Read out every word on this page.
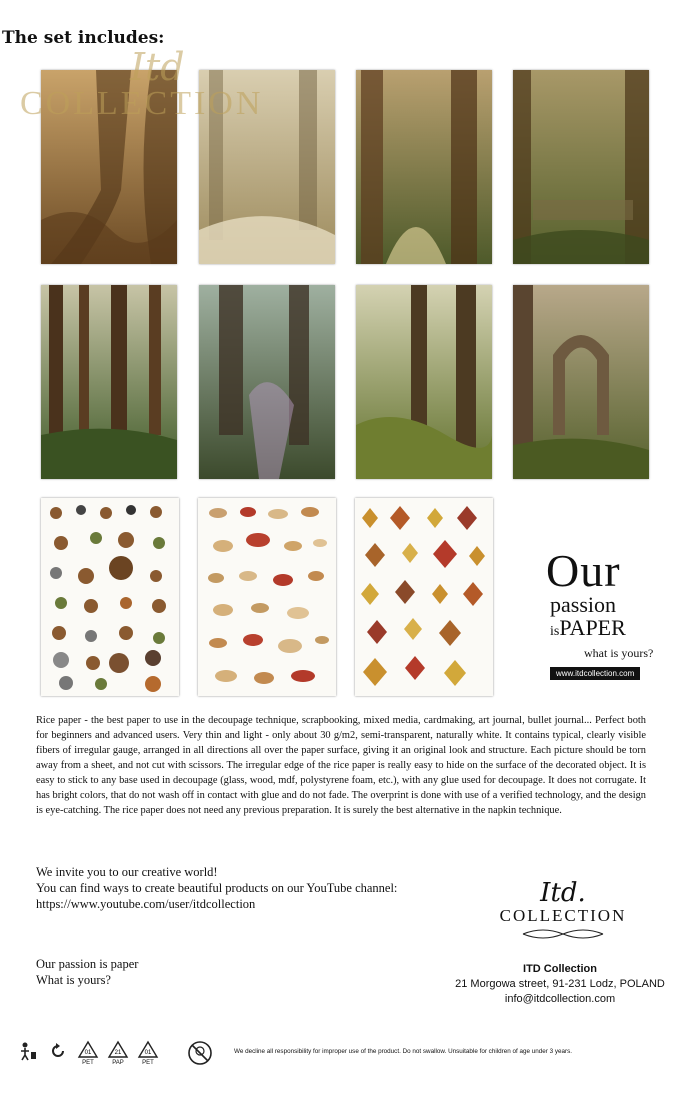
The set includes:
Itd
COLLECTION
Our
passion
isPAPER
what is yours?
www.itdcollection.com
Rice paper - the best paper to use in the decoupage technique, scrapbooking, mixed media, cardmaking, art journal, bullet journal... Perfect both for beginners and advanced users. Very thin and light - only about 30 g/m2, semi-transparent, naturally white. It contains typical, clearly visible fibers of irregular gauge, arranged in all directions all over the paper surface, giving it an original look and structure. Each picture should be torn away from a sheet, and not cut with scissors. The irregular edge of the rice paper is really easy to hide on the surface of the decorated object. It is easy to stick to any base used in decoupage (glass, wood, mdf, polystyrene foam, etc.), with any glue used for decoupage. It does not corrugate. It has bright colors, that do not wash off in contact with glue and do not fade. The overprint is done with use of a verified technology, and the design is eye-catching. The rice paper does not need any previous preparation. It is surely the best alternative in the napkin technique.
We invite you to our creative world!
You can find ways to create beautiful products on our YouTube channel:
https://www.youtube.com/user/itdcollection
Our passion is paper
What is yours?
Itd.
COLLECTION
ITD Collection
21 Morgowa street, 91-231 Lodz, POLAND
info@itdcollection.com
01
PET
21
PAP
01
PET
We decline all responsibility for improper use of the product. Do not swallow. Unsuitable for children of age under 3 years.
